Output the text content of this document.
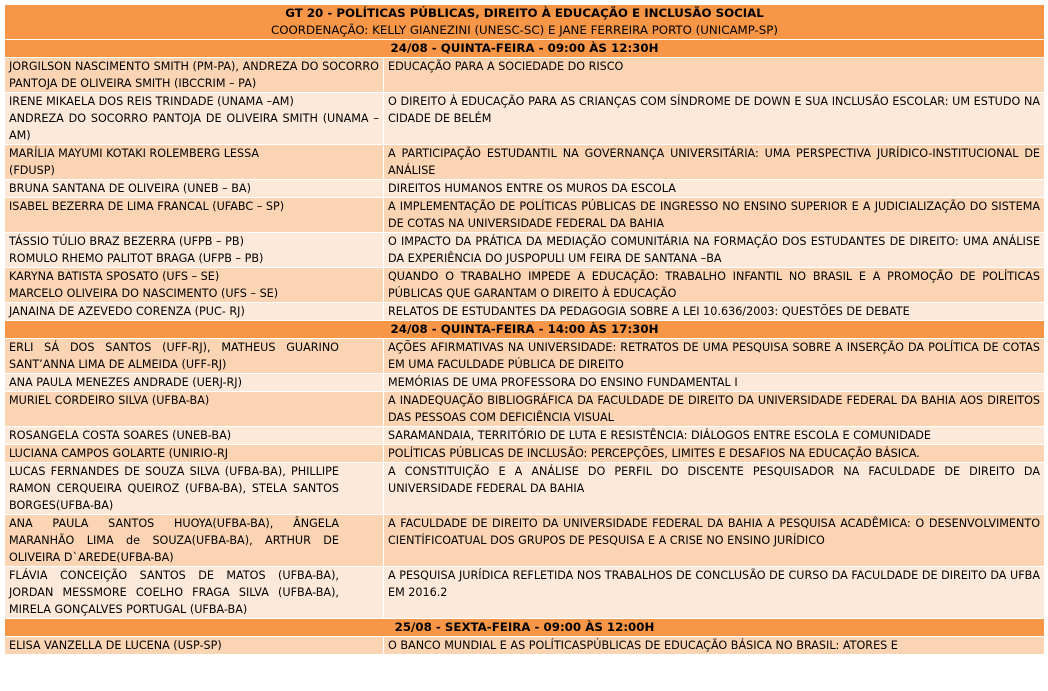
GT 20 - POLÍTICAS PÚBLICAS, DIREITO À EDUCAÇÃO E INCLUSÃO SOCIAL
COORDENAÇÃO: KELLY GIANEZINI (UNESC-SC) E JANE FERREIRA PORTO (UNICAMP-SP)	

24/08 - QUINTA-FEIRA - 09:00 ÀS 12:30H	
JORGILSON NASCIMENTO SMITH (PM-PA), ANDREZA DO SOCORRO PANTOJA DE OLIVEIRA SMITH (IBCCRIM – PA)	EDUCAÇÃO PARA A SOCIEDADE DO RISCO
IRENE MIKAELA DOS REIS TRINDADE (UNAMA –AM)
ANDREZA DO SOCORRO PANTOJA DE OLIVEIRA SMITH (UNAMA – AM)	O DIREITO À EDUCAÇÃO PARA AS CRIANÇAS COM SÍNDROME DE DOWN E SUA INCLUSÃO ESCOLAR: UM ESTUDO NA CIDADE DE BELÉM
MARÍLIA MAYUMI KOTAKI ROLEMBERG LESSA
(FDUSP)	A PARTICIPAÇÃO ESTUDANTIL NA GOVERNANÇA UNIVERSITÁRIA: UMA PERSPECTIVA JURÍDICO-INSTITUCIONAL DE ANÁLISE
BRUNA SANTANA DE OLIVEIRA (UNEB – BA)	DIREITOS HUMANOS ENTRE OS MUROS DA ESCOLA
ISABEL BEZERRA DE LIMA FRANCAL (UFABC – SP)	A IMPLEMENTAÇÃO DE POLÍTICAS PÚBLICAS DE INGRESSO NO ENSINO SUPERIOR E A JUDICIALIZAÇÃO DO SISTEMA DE COTAS NA UNIVERSIDADE FEDERAL DA BAHIA
TÁSSIO TÚLIO BRAZ BEZERRA (UFPB – PB)
ROMULO RHEMO PALITOT BRAGA (UFPB – PB)	O IMPACTO DA PRÁTICA DA MEDIAÇÃO COMUNITÁRIA NA FORMAÇÃO DOS ESTUDANTES DE DIREITO: UMA ANÁLISE DA EXPERIÊNCIA DO JUSPOPULI UM FEIRA DE SANTANA –BA
KARYNA BATISTA SPOSATO (UFS – SE)
MARCELO OLIVEIRA DO NASCIMENTO (UFS – SE)	QUANDO O TRABALHO IMPEDE A EDUCAÇÃO: TRABALHO INFANTIL NO BRASIL E A PROMOÇÃO DE POLÍTICAS PÚBLICAS QUE GARANTAM O DIREITO À EDUCAÇÃO
JANAINA DE AZEVEDO CORENZA (PUC- RJ)	RELATOS DE ESTUDANTES DA PEDAGOGIA SOBRE A LEI 10.636/2003: QUESTÕES DE DEBATE
24/08 - QUINTA-FEIRA - 14:00 ÀS 17:30H	
ERLI SÁ DOS SANTOS (UFF-RJ), MATHEUS GUARINO SANT’ANNA LIMA DE ALMEIDA (UFF-RJ)	AÇÕES AFIRMATIVAS NA UNIVERSIDADE: RETRATOS DE UMA PESQUISA SOBRE A INSERÇÃO DA POLÍTICA DE COTAS EM UMA FACULDADE PÚBLICA DE DIREITO
ANA PAULA MENEZES ANDRADE (UERJ-RJ)	MEMÓRIAS DE UMA PROFESSORA DO ENSINO FUNDAMENTAL I
MURIEL CORDEIRO SILVA (UFBA-BA)	A INADEQUAÇÃO BIBLIOGRÁFICA DA FACULDADE DE DIREITO DA UNIVERSIDADE FEDERAL DA BAHIA AOS DIREITOS DAS PESSOAS COM DEFICIÊNCIA VISUAL
ROSANGELA COSTA SOARES (UNEB-BA)	SARAMANDAIA, TERRITÓRIO DE LUTA E RESISTÊNCIA: DIÁLOGOS ENTRE ESCOLA E COMUNIDADE
LUCIANA CAMPOS GOLARTE (UNIRIO-RJ	POLÍTICAS PÚBLICAS DE INCLUSÃO: PERCEPÇÕES, LIMITES E DESAFIOS NA EDUCAÇÃO BÁSICA.
LUCAS FERNANDES DE SOUZA SILVA (UFBA-BA), PHILLIPE RAMON CERQUEIRA QUEIROZ (UFBA-BA), STELA SANTOS BORGES(UFBA-BA)	A CONSTITUIÇÃO E A ANÁLISE DO PERFIL DO DISCENTE PESQUISADOR NA FACULDADE DE DIREITO DA UNIVERSIDADE FEDERAL DA BAHIA
ANA PAULA SANTOS HUOYA(UFBA-BA), ÂNGELA MARANHÃO LIMA de SOUZA(UFBA-BA), ARTHUR DE OLIVEIRA D`AREDE(UFBA-BA)	A FACULDADE DE DIREITO DA UNIVERSIDADE FEDERAL DA BAHIA A PESQUISA ACADÊMICA: O DESENVOLVIMENTO CIENTÍFICOATUAL DOS GRUPOS DE PESQUISA E A CRISE NO ENSINO JURÍDICO
FLÁVIA CONCEIÇÃO SANTOS DE MATOS (UFBA-BA), JORDAN MESSMORE COELHO FRAGA SILVA (UFBA-BA), MIRELA GONÇALVES PORTUGAL (UFBA-BA)	A PESQUISA JURÍDICA REFLETIDA NOS TRABALHOS DE CONCLUSÃO DE CURSO DA FACULDADE DE DIREITO DA UFBA EM 2016.2
25/08 - SEXTA-FEIRA - 09:00 ÀS 12:00H	
ELISA VANZELLA DE LUCENA (USP-SP)	O BANCO MUNDIAL E AS POLÍTICASPÚBLICAS DE EDUCAÇÃO BÁSICA NO BRASIL: ATORES E
